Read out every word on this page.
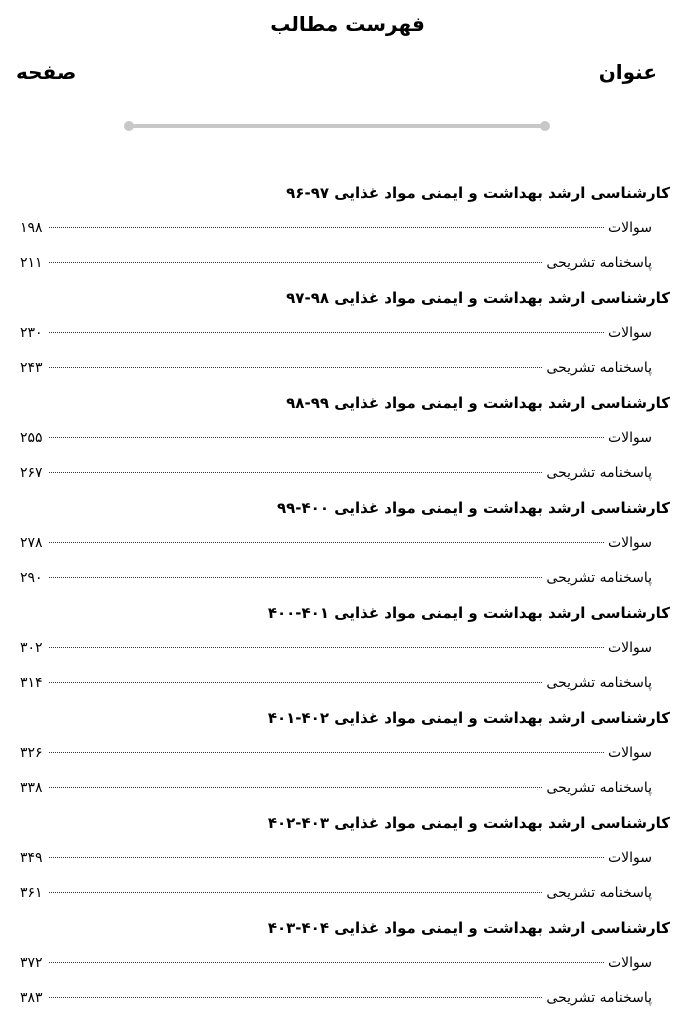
فهرست مطالب
عنوان
صفحه
کارشناسی ارشد بهداشت و ایمنی مواد غذایی ۹۷-۹۶
سوالات
۱۹۸
پاسخنامه تشریحی
۲۱۱
کارشناسی ارشد بهداشت و ایمنی مواد غذایی ۹۸-۹۷
سوالات
۲۳۰
پاسخنامه تشریحی
۲۴۳
کارشناسی ارشد بهداشت و ایمنی مواد غذایی ۹۹-۹۸
سوالات
۲۵۵
پاسخنامه تشریحی
۲۶۷
کارشناسی ارشد بهداشت و ایمنی مواد غذایی ۴۰۰-۹۹
سوالات
۲۷۸
پاسخنامه تشریحی
۲۹۰
کارشناسی ارشد بهداشت و ایمنی مواد غذایی ۴۰۱-۴۰۰
سوالات
۳۰۲
پاسخنامه تشریحی
۳۱۴
کارشناسی ارشد بهداشت و ایمنی مواد غذایی ۴۰۲-۴۰۱
سوالات
۳۲۶
پاسخنامه تشریحی
۳۳۸
کارشناسی ارشد بهداشت و ایمنی مواد غذایی ۴۰۳-۴۰۲
سوالات
۳۴۹
پاسخنامه تشریحی
۳۶۱
کارشناسی ارشد بهداشت و ایمنی مواد غذایی ۴۰۴-۴۰۳
سوالات
۳۷۲
پاسخنامه تشریحی
۳۸۳
